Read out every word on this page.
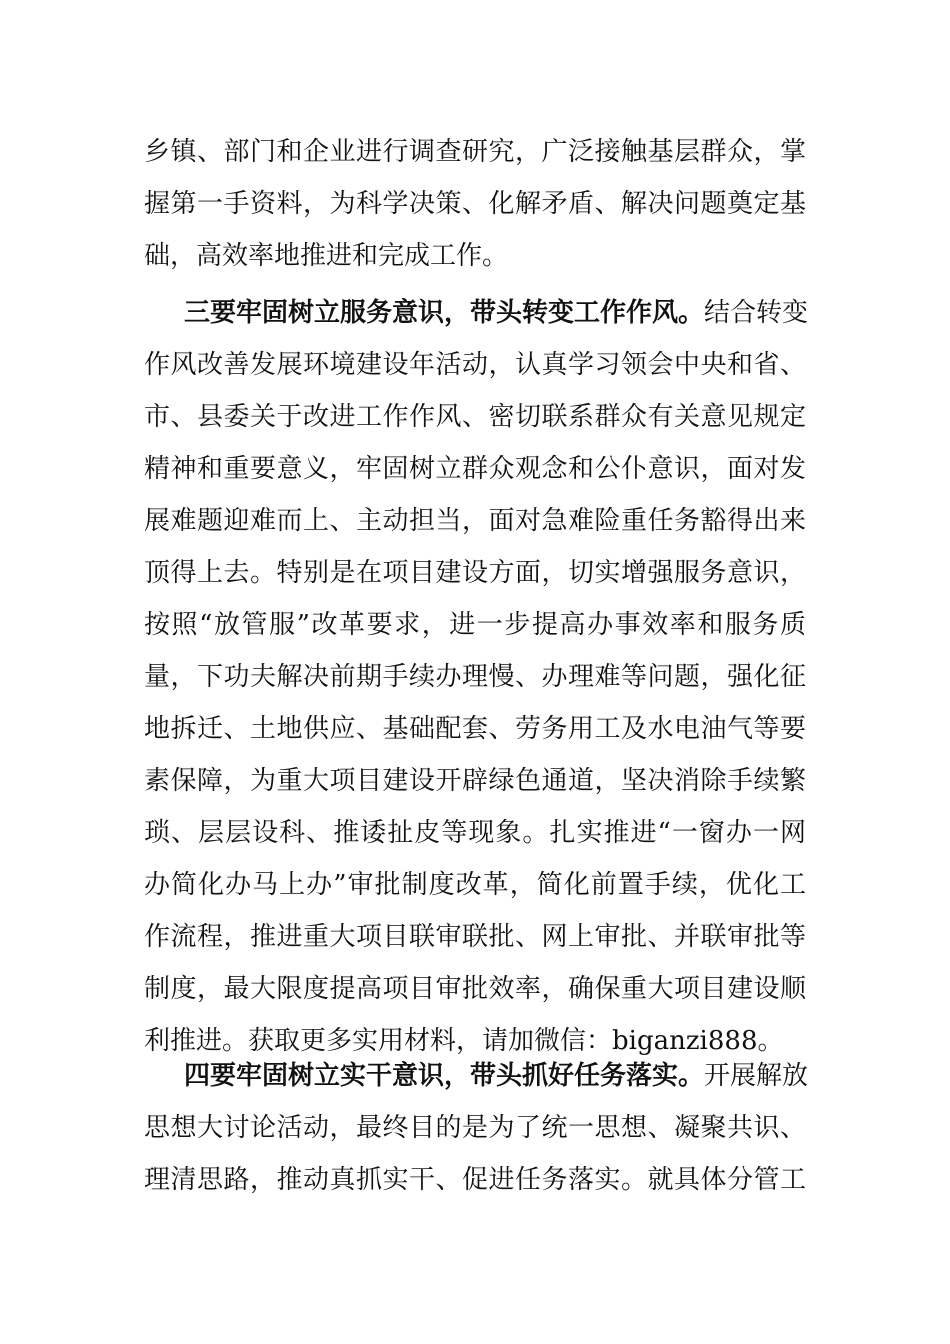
乡镇、部门和企业进行调查研究，广泛接触基层群众，掌
握第一手资料，为科学决策、化解矛盾、解决问题奠定基
础，高效率地推进和完成工作。
三要牢固树立服务意识，带头转变工作作风。结合转变
作风改善发展环境建设年活动，认真学习领会中央和省、
市、县委关于改进工作作风、密切联系群众有关意见规定
精神和重要意义，牢固树立群众观念和公仆意识，面对发
展难题迎难而上、主动担当，面对急难险重任务豁得出来
顶得上去。特别是在项目建设方面，切实增强服务意识，
按照“放管服”改革要求，进一步提高办事效率和服务质
量，下功夫解决前期手续办理慢、办理难等问题，强化征
地拆迁、土地供应、基础配套、劳务用工及水电油气等要
素保障，为重大项目建设开辟绿色通道，坚决消除手续繁
琐、层层设科、推诿扯皮等现象。扎实推进“一窗办一网
办简化办马上办”审批制度改革，简化前置手续，优化工
作流程，推进重大项目联审联批、网上审批、并联审批等
制度，最大限度提高项目审批效率，确保重大项目建设顺
利推进。获取更多实用材料，请加微信：biganzi888。
四要牢固树立实干意识，带头抓好任务落实。开展解放
思想大讨论活动，最终目的是为了统一思想、凝聚共识、
理清思路，推动真抓实干、促进任务落实。就具体分管工
